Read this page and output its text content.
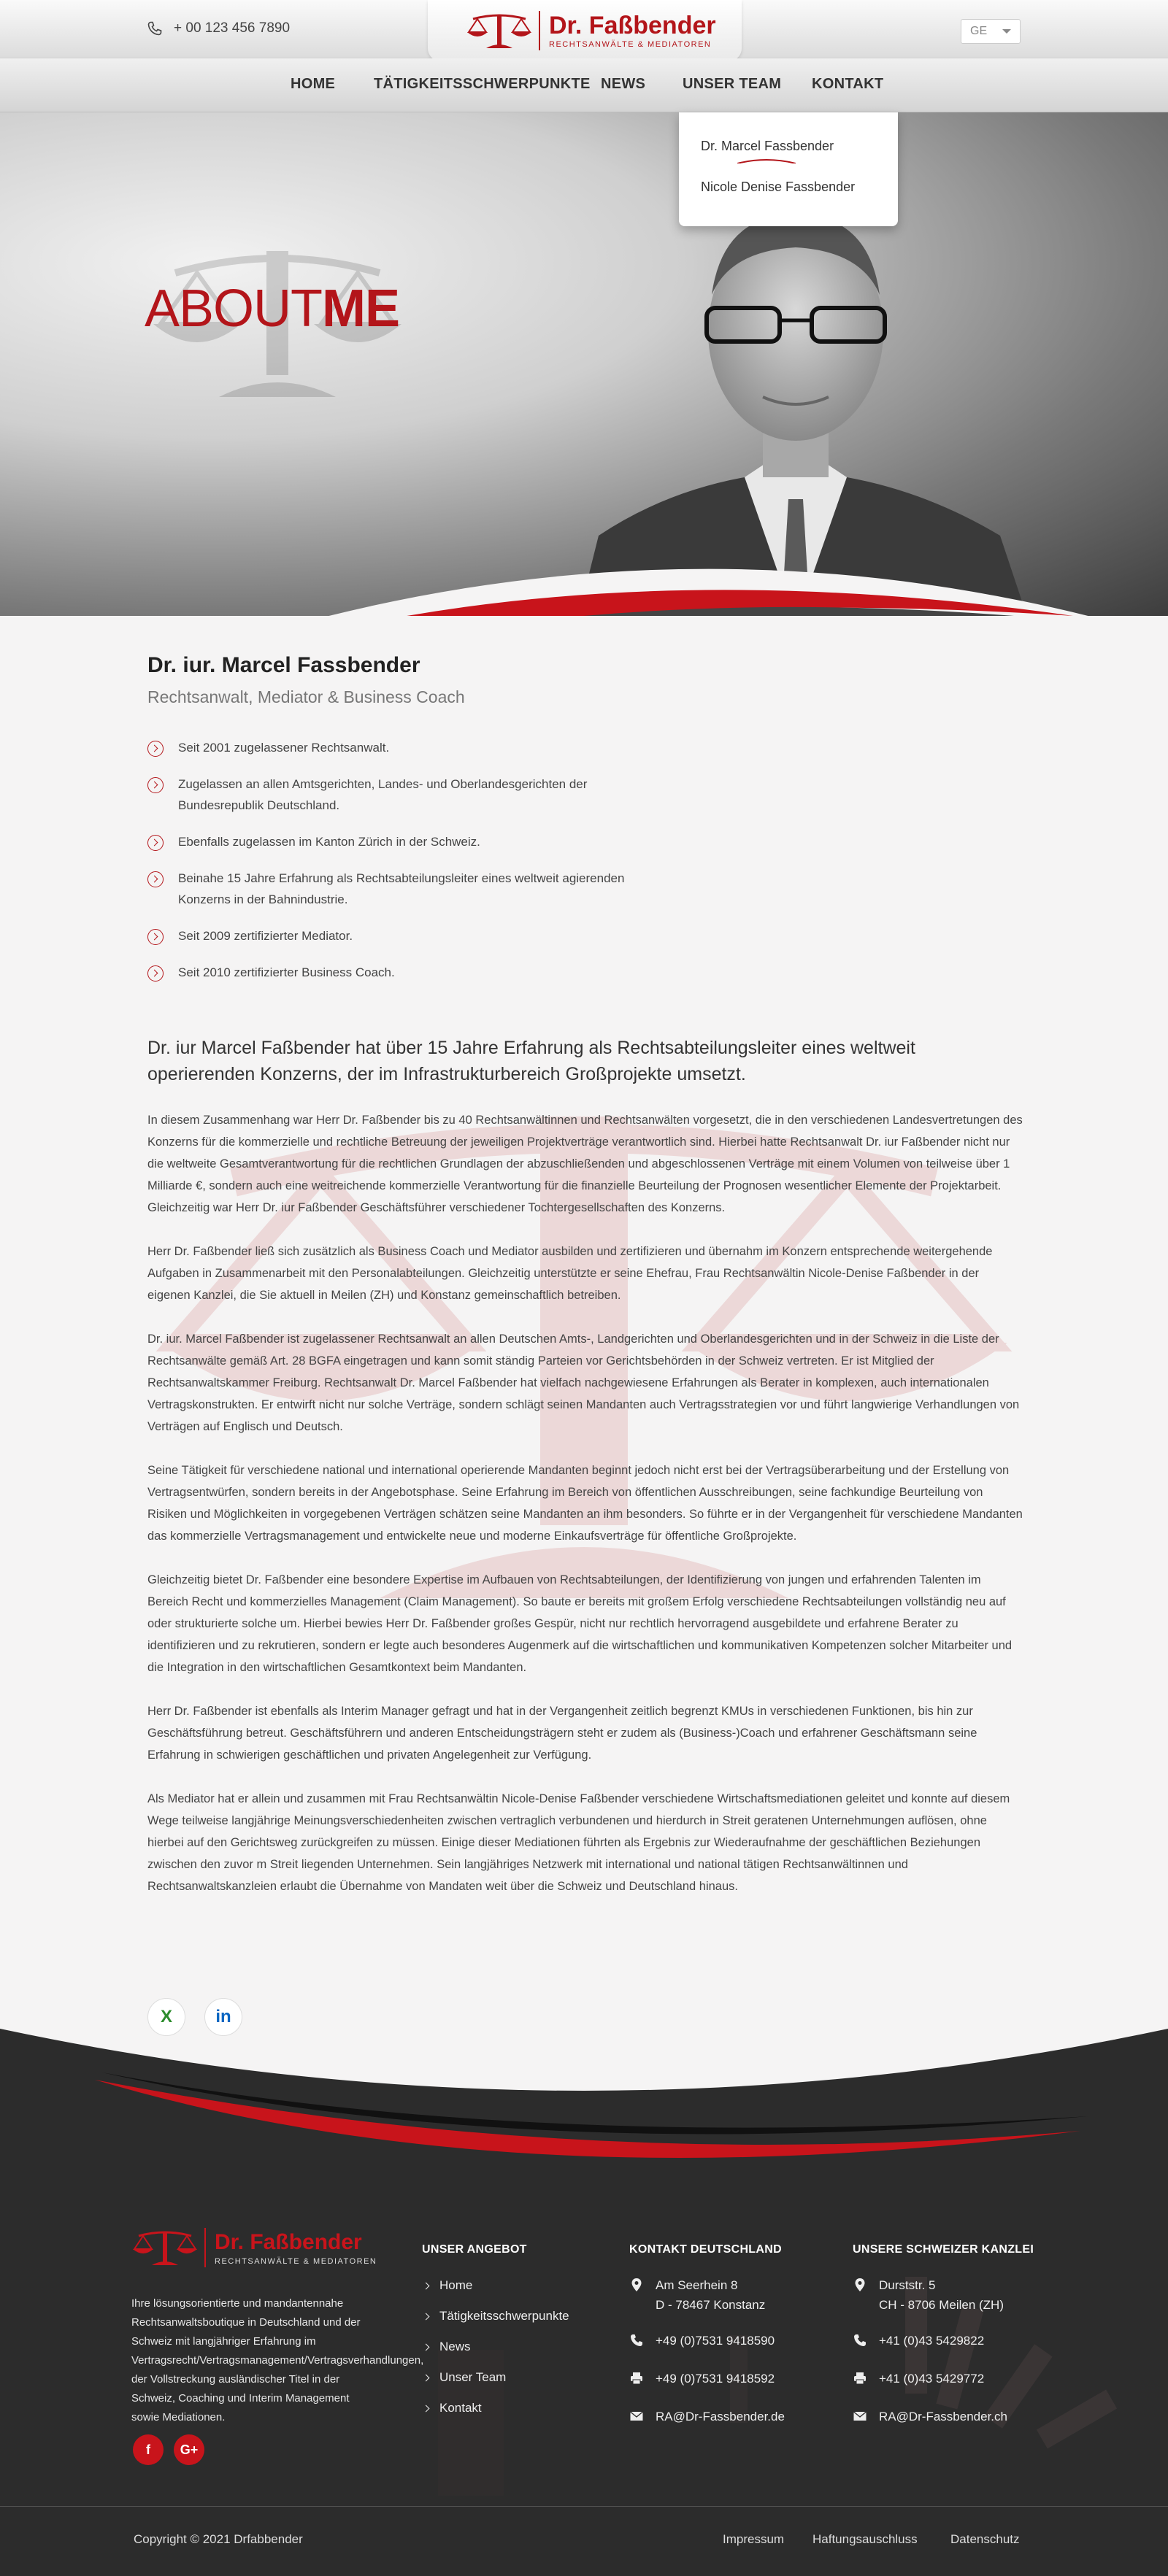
+ 00 123 456 7890	Dr. Faßbender
RECHTSANWÄLTE & MEDIATOREN
GE
HOME	TÄTIGKEITSSCHWERPUNKTE NEWS	UNSER TEAM KONTAKT
Dr. Marcel Fassbender
Nicole Denise Fassbender
ABOUTME
Dr. iur. Marcel Fassbender
Rechtsanwalt, Mediator & Business Coach
Seit 2001 zugelassener Rechtsanwalt.
Zugelassen an allen Amtsgerichten, Landes- und Oberlandesgerichten der Bundesrepublik Deutschland.
Ebenfalls zugelassen im Kanton Zürich in der Schweiz.
Beinahe 15 Jahre Erfahrung als Rechtsabteilungsleiter eines weltweit agierenden Konzerns in der Bahnindustrie.
Seit 2009 zertifizierter Mediator.
Seit 2010 zertifizierter Business Coach.
Dr. iur Marcel Faßbender hat über 15 Jahre Erfahrung als Rechtsabteilungsleiter eines weltweit operierenden Konzerns, der im Infrastrukturbereich Großprojekte umsetzt.

In diesem Zusammenhang war Herr Dr. Faßbender bis zu 40 Rechtsanwältinnen und Rechtsanwälten vorgesetzt, die in den verschiedenen Landesvertretungen des Konzerns für die kommerzielle und rechtliche Betreuung der jeweiligen Projektverträge verantwortlich sind. Hierbei hatte Rechtsanwalt Dr. iur Faßbender nicht nur die weltweite Gesamtverantwortung für die rechtlichen Grundlagen der abzuschließenden und abgeschlossenen Verträge mit einem Volumen von teilweise über 1 Milliarde €, sondern auch eine weitreichende kommerzielle Verantwortung für die finanzielle Beurteilung der Prognosen wesentlicher Elemente der Projektarbeit. Gleichzeitig war Herr Dr. iur Faßbender Geschäftsführer verschiedener Tochtergesellschaften des Konzerns.

Herr Dr. Faßbender ließ sich zusätzlich als Business Coach und Mediator ausbilden und zertifizieren und übernahm im Konzern entsprechende weitergehende Aufgaben in Zusammenarbeit mit den Personalabteilungen. Gleichzeitig unterstützte er seine Ehefrau, Frau Rechtsanwältin Nicole-Denise Faßbender in der eigenen Kanzlei, die Sie aktuell in Meilen (ZH) und Konstanz gemeinschaftlich betreiben.

Dr. iur. Marcel Faßbender ist zugelassener Rechtsanwalt an allen Deutschen Amts-, Landgerichten und Oberlandesgerichten und in der Schweiz in die Liste der Rechtsanwälte gemäß Art. 28 BGFA eingetragen und kann somit ständig Parteien vor Gerichtsbehörden in der Schweiz vertreten. Er ist Mitglied der Rechtsanwaltskammer Freiburg. Rechtsanwalt Dr. Marcel Faßbender hat vielfach nachgewiesene Erfahrungen als Berater in komplexen, auch internationalen Vertragskonstrukten. Er entwirft nicht nur solche Verträge, sondern schlägt seinen Mandanten auch Vertragsstrategien vor und führt langwierige Verhandlungen von Verträgen auf Englisch und Deutsch.

Seine Tätigkeit für verschiedene national und international operierende Mandanten beginnt jedoch nicht erst bei der Vertragsüberarbeitung und der Erstellung von Vertragsentwürfen, sondern bereits in der Angebotsphase. Seine Erfahrung im Bereich von öffentlichen Ausschreibungen, seine fachkundige Beurteilung von Risiken und Möglichkeiten in vorgegebenen Verträgen schätzen seine Mandanten an ihm besonders. So führte er in der Vergangenheit für verschiedene Mandanten das kommerzielle Vertragsmanagement und entwickelte neue und moderne Einkaufsverträge für öffentliche Großprojekte.

Gleichzeitig bietet Dr. Faßbender eine besondere Expertise im Aufbauen von Rechtsabteilungen, der Identifizierung von jungen und erfahrenden Talenten im Bereich Recht und kommerzielles Management (Claim Management). So baute er bereits mit großem Erfolg verschiedene Rechtsabteilungen vollständig neu auf oder strukturierte solche um. Hierbei bewies Herr Dr. Faßbender großes Gespür, nicht nur rechtlich hervorragend ausgebildete und erfahrene Berater zu identifizieren und zu rekrutieren, sondern er legte auch besonderes Augenmerk auf die wirtschaftlichen und kommunikativen Kompetenzen solcher Mitarbeiter und die Integration in den wirtschaftlichen Gesamtkontext beim Mandanten.

Herr Dr. Faßbender ist ebenfalls als Interim Manager gefragt und hat in der Vergangenheit zeitlich begrenzt KMUs in verschiedenen Funktionen, bis hin zur Geschäftsführung betreut. Geschäftsführern und anderen Entscheidungsträgern steht er zudem als (Business-)Coach und erfahrener Geschäftsmann seine Erfahrung in schwierigen geschäftlichen und privaten Angelegenheit zur Verfügung.

Als Mediator hat er allein und zusammen mit Frau Rechtsanwältin Nicole-Denise Faßbender verschiedene Wirtschaftsmediationen geleitet und konnte auf diesem Wege teilweise langjährige Meinungsverschiedenheiten zwischen vertraglich verbundenen und hierdurch in Streit geratenen Unternehmungen auflösen, ohne hierbei auf den Gerichtsweg zurückgreifen zu müssen. Einige dieser Mediationen führten als Ergebnis zur Wiederaufnahme der geschäftlichen Beziehungen zwischen den zuvor m Streit liegenden Unternehmen. Sein langjähriges Netzwerk mit international und national tätigen Rechtsanwältinnen und Rechtsanwaltskanzleien erlaubt die Übernahme von Mandaten weit über die Schweiz und Deutschland hinaus.

Dr. Faßbender
RECHTSANWÄLTE & MEDIATOREN
Ihre lösungsorientierte und mandantennahe Rechtsanwaltsboutique in Deutschland und der Schweiz mit langjähriger Erfahrung im Vertragsrecht/Vertragsmanagement/Vertragsverhandlungen, der Vollstreckung ausländischer Titel in der Schweiz, Coaching und Interim Management sowie Mediationen.
f	G+
UNSER ANGEBOT
Home
Tätigkeitsschwerpunkte
News
Unser Team
Kontakt
KONTAKT DEUTSCHLAND
Am Seerhein 8
D - 78467 Konstanz
+49 (0)7531 9418590
+49 (0)7531 9418592
RA@Dr-Fassbender.de
UNSERE SCHWEIZER KANZLEI
Durststr. 5
CH - 8706 Meilen (ZH)
+41 (0)43 5429822
+41 (0)43 5429772
RA@Dr-Fassbender.ch
Copyright © 2021 Drfabbender	Impressum Haftungsauschluss	Datenschutz
X	in
